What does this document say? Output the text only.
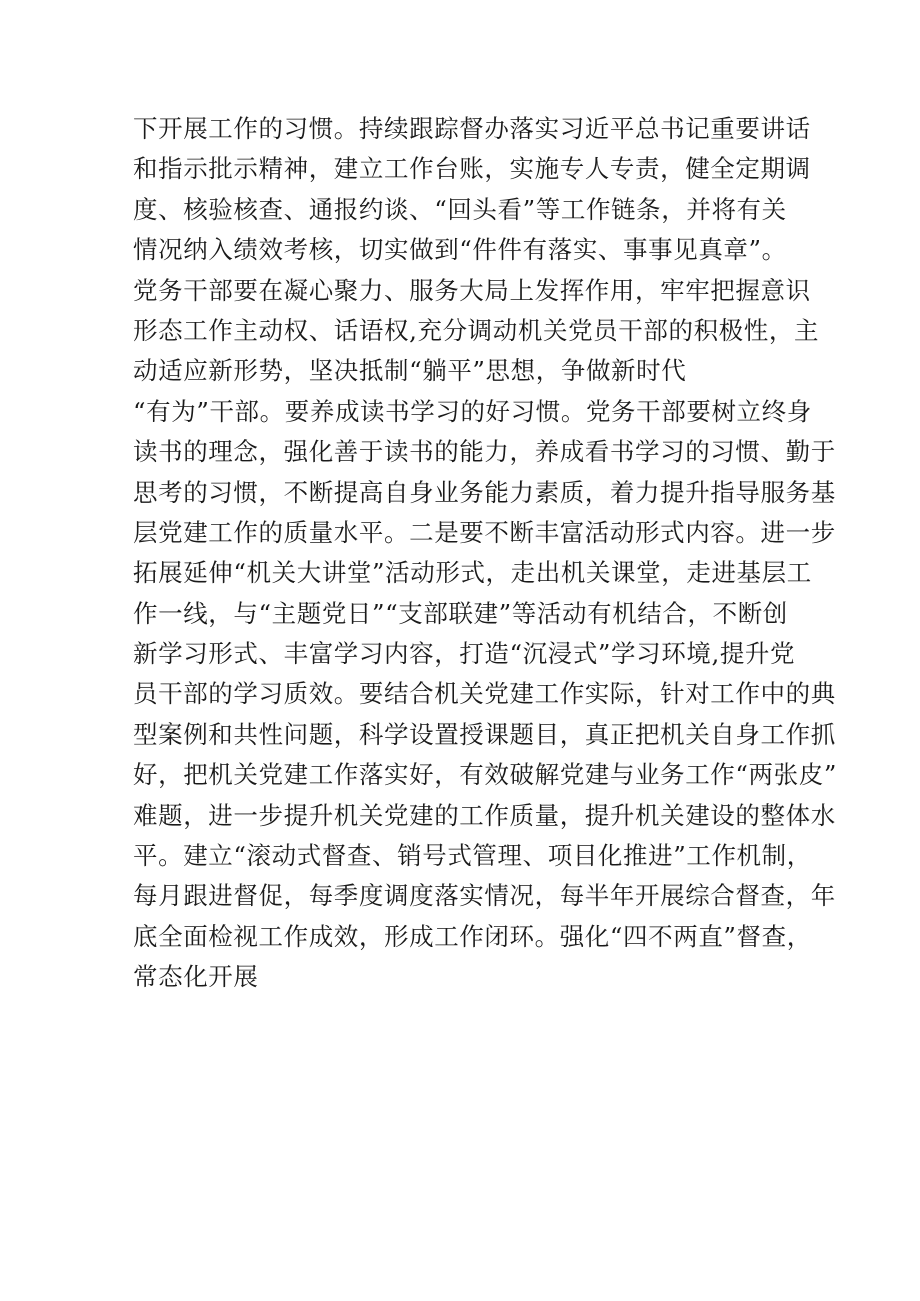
下开展工作的习惯。持续跟踪督办落实习近平总书记重要讲话
和指示批示精神，建立工作台账，实施专人专责，健全定期调
度、核验核查、通报约谈、“回头看”等工作链条，并将有关
情况纳入绩效考核，切实做到“件件有落实、事事见真章”。
党务干部要在凝心聚力、服务大局上发挥作用，牢牢把握意识
形态工作主动权、话语权,充分调动机关党员干部的积极性，主
动适应新形势，坚决抵制“躺平”思想，争做新时代
“有为”干部。要养成读书学习的好习惯。党务干部要树立终身
读书的理念，强化善于读书的能力，养成看书学习的习惯、勤于
思考的习惯，不断提高自身业务能力素质，着力提升指导服务基
层党建工作的质量水平。二是要不断丰富活动形式内容。进一步
拓展延伸“机关大讲堂”活动形式，走出机关课堂，走进基层工
作一线，与“主题党日”“支部联建”等活动有机结合，不断创
新学习形式、丰富学习内容，打造“沉浸式”学习环境,提升党
员干部的学习质效。要结合机关党建工作实际，针对工作中的典
型案例和共性问题，科学设置授课题目，真正把机关自身工作抓
好，把机关党建工作落实好，有效破解党建与业务工作“两张皮”
难题，进一步提升机关党建的工作质量，提升机关建设的整体水
平。建立“滚动式督查、销号式管理、项目化推进”工作机制，
每月跟进督促，每季度调度落实情况，每半年开展综合督查，年
底全面检视工作成效，形成工作闭环。强化“四不两直”督查，
常态化开展
